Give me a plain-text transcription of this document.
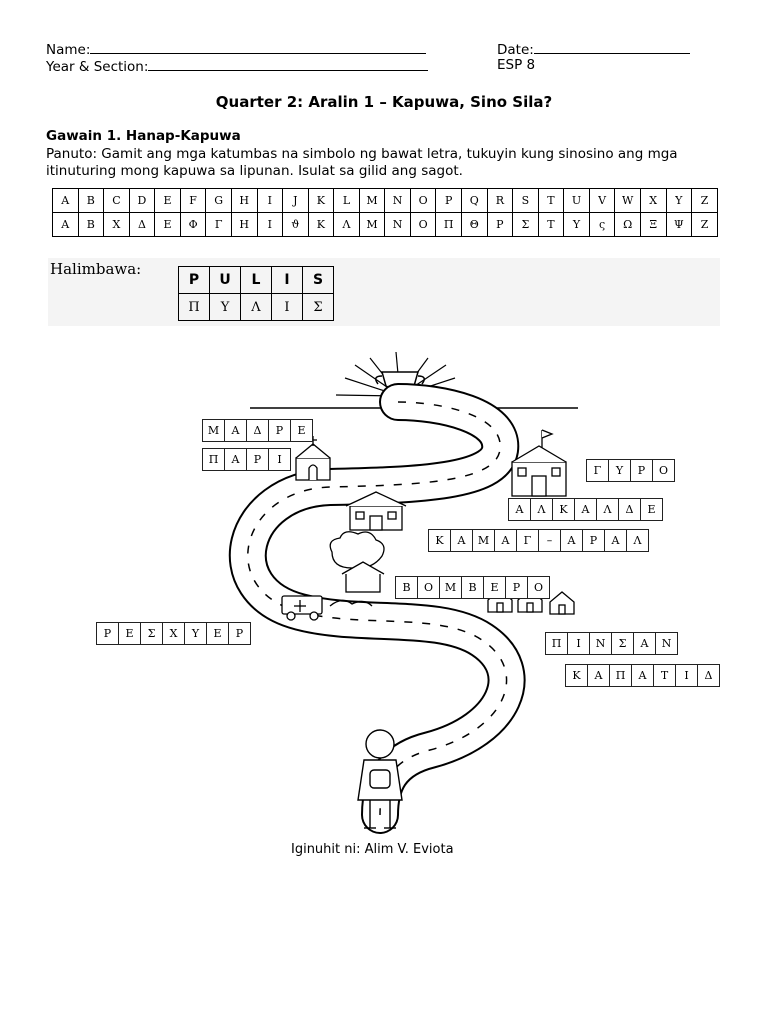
Name:	Date:
Year & Section:	ESP 8
Quarter 2: Aralin 1 – Kapuwa, Sino Sila?
Gawain 1. Hanap-Kapuwa
Panuto: Gamit ang mga katumbas na simbolo ng bawat letra, tukuyin kung sinosino ang mga itinuturing mong kapuwa sa lipunan. Isulat sa gilid ang sagot.
A	B	C	D	E	F	G	H	I	J	K	L	M	N	O	P	Q	R	S	T	U	V	W	X	Y	Z
Α	Β	Χ	Δ	Ε	Φ	Γ	Η	Ι	ϑ	Κ	Λ	Μ	Ν	Ο	Π	Θ	Ρ	Σ	Τ	Υ	ς	Ω	Ξ	Ψ	Ζ
Halimbawa:
P	U	L	I	S
Π	Υ	Λ	Ι	Σ
Μ	Α	Δ	Ρ	Ε
Π	Α	Ρ	Ι
Γ	Υ	Ρ	Ο
Α	Λ	Κ	Α	Λ	Δ	Ε
Κ	Α	Μ	Α	Γ	–	Α	Ρ	Α	Λ
Β	Ο	Μ	Β	Ε	Ρ	Ο
Ρ	Ε	Σ	Χ	Υ	Ε	Ρ
Π	Ι	Ν	Σ	Α	Ν
Κ	Α	Π	Α	Τ	Ι	Δ
Iginuhit ni: Alim V. Eviota
